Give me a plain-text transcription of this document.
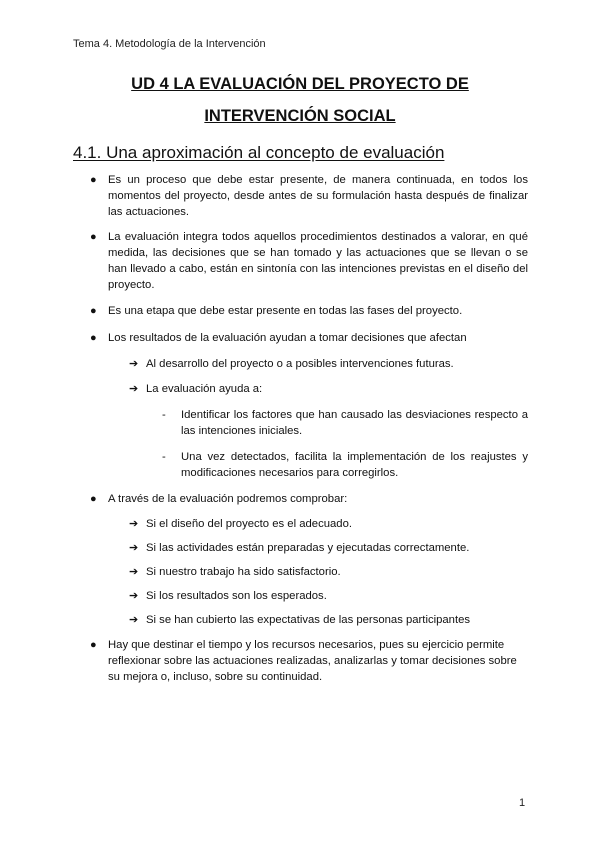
Tema 4. Metodología de la Intervención
UD 4 LA EVALUACIÓN DEL PROYECTO DE
INTERVENCIÓN SOCIAL
4.1. Una aproximación al concepto de evaluación
● Es un proceso que debe estar presente, de manera continuada, en todos los momentos del proyecto, desde antes de su formulación hasta después de finalizar las actuaciones.
● La evaluación integra todos aquellos procedimientos destinados a valorar, en qué medida, las decisiones que se han tomado y las actuaciones que se llevan o se han llevado a cabo, están en sintonía con las intenciones previstas en el diseño del proyecto.
● Es una etapa que debe estar presente en todas las fases del proyecto.
● Los resultados de la evaluación ayudan a tomar decisiones que afectan
➔ Al desarrollo del proyecto o a posibles intervenciones futuras.
➔ La evaluación ayuda a:
- Identificar los factores que han causado las desviaciones respecto a las intenciones iniciales.
- Una vez detectados, facilita la implementación de los reajustes y modificaciones necesarios para corregirlos.
● A través de la evaluación podremos comprobar:
➔ Si el diseño del proyecto es el adecuado.
➔ Si las actividades están preparadas y ejecutadas correctamente.
➔ Si nuestro trabajo ha sido satisfactorio.
➔ Si los resultados son los esperados.
➔ Si se han cubierto las expectativas de las personas participantes
● Hay que destinar el tiempo y los recursos necesarios, pues su ejercicio permite reflexionar sobre las actuaciones realizadas, analizarlas y tomar decisiones sobre su mejora o, incluso, sobre su continuidad.
1
